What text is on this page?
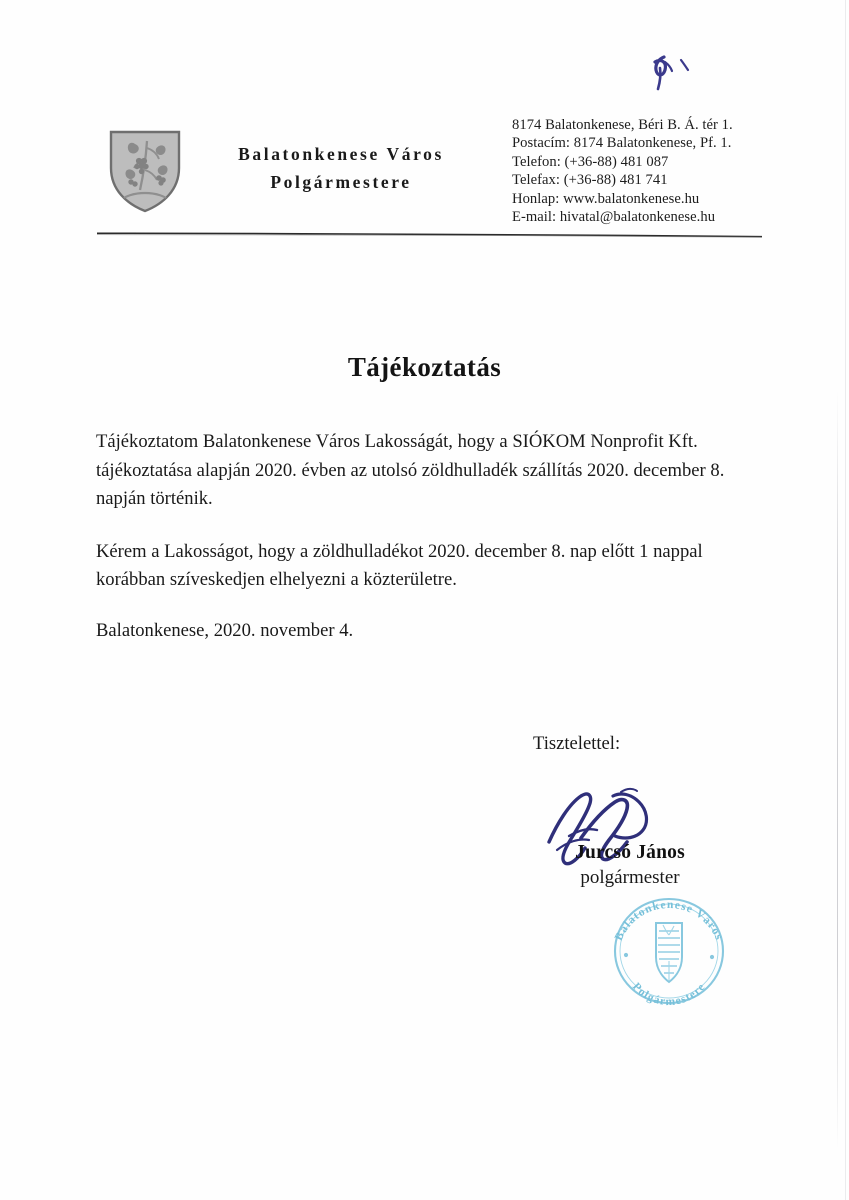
Balatonkenese Város
Polgármestere
8174 Balatonkenese, Béri B. Á. tér 1.
Postacím: 8174 Balatonkenese, Pf. 1.
Telefon: (+36-88) 481 087
Telefax: (+36-88) 481 741
Honlap: www.balatonkenese.hu
E-mail: hivatal@balatonkenese.hu
Tájékoztatás

Tájékoztatom Balatonkenese Város Lakosságát, hogy a SIÓKOM Nonprofit Kft. tájékoztatása alapján 2020. évben az utolsó zöldhulladék szállítás 2020. december 8. napján történik.

Kérem a Lakosságot, hogy a zöldhulladékot 2020. december 8. nap előtt 1 nappal korábban szíveskedjen elhelyezni a közterületre.

Balatonkenese, 2020. november 4.
Tisztelettel:
Jurcsó János
polgármester
Balatonkenese Város
Polgármestere
